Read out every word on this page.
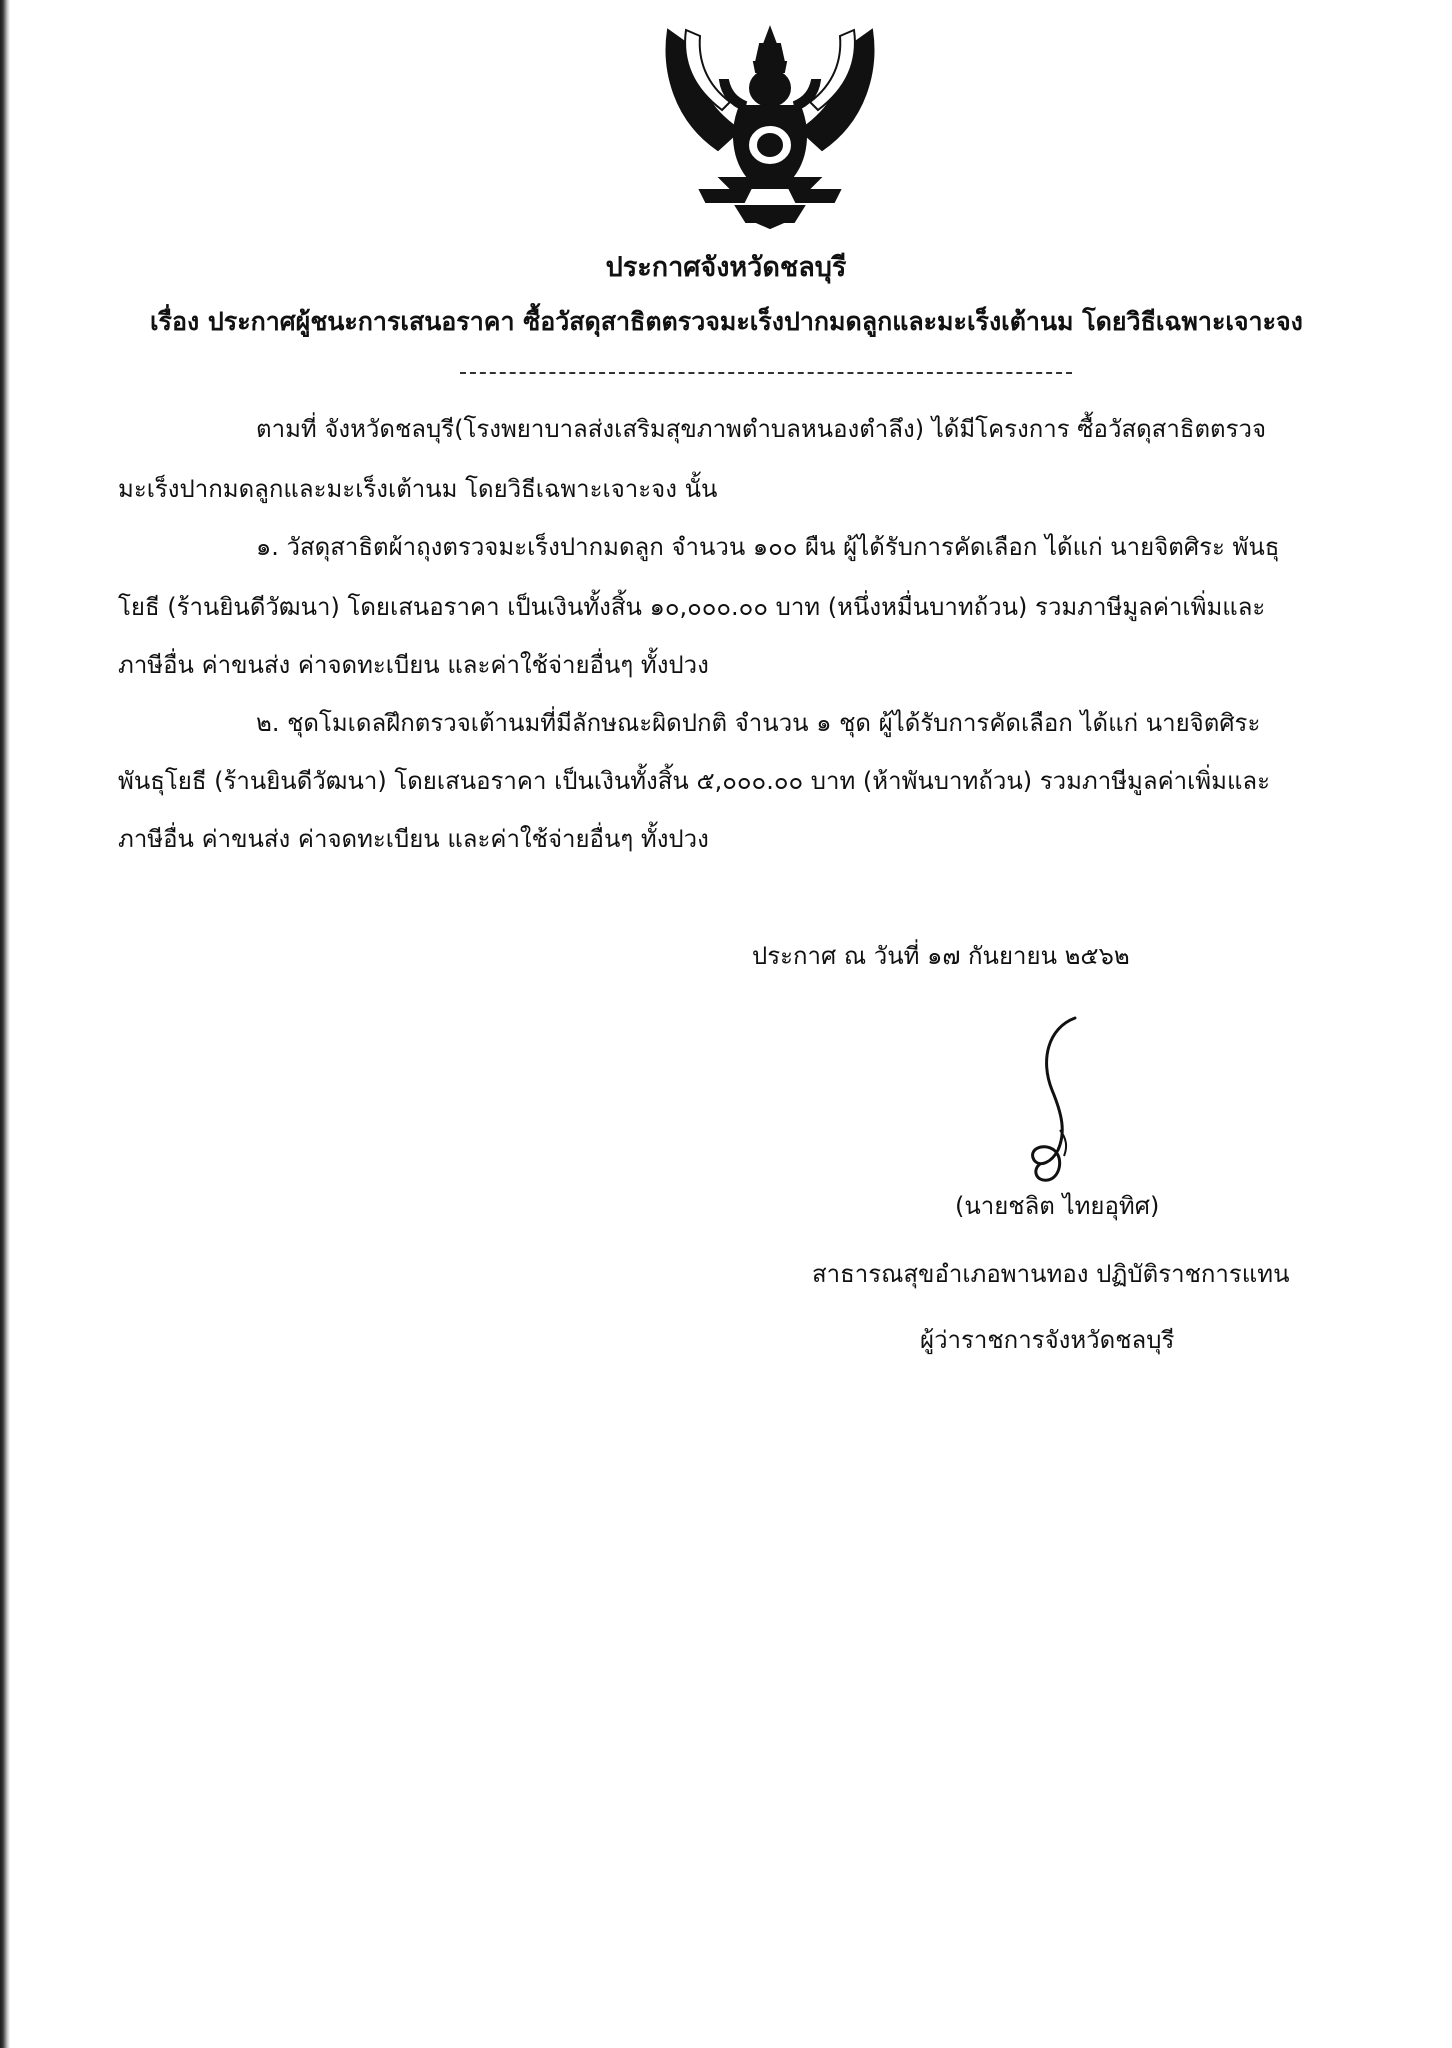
ประกาศจังหวัดชลบุรี
เรื่อง ประกาศผู้ชนะการเสนอราคา ซื้อวัสดุสาธิตตรวจมะเร็งปากมดลูกและมะเร็งเต้านม โดยวิธีเฉพาะเจาะจง
ตามที่ จังหวัดชลบุรี(โรงพยาบาลส่งเสริมสุขภาพตำบลหนองตำลึง) ได้มีโครงการ ซื้อวัสดุสาธิตตรวจ
มะเร็งปากมดลูกและมะเร็งเต้านม โดยวิธีเฉพาะเจาะจง นั้น
๑. วัสดุสาธิตผ้าถุงตรวจมะเร็งปากมดลูก จำนวน ๑๐๐ ผืน ผู้ได้รับการคัดเลือก ได้แก่ นายจิตศิระ พันธุ
โยธี (ร้านยินดีวัฒนา) โดยเสนอราคา เป็นเงินทั้งสิ้น ๑๐,๐๐๐.๐๐ บาท (หนึ่งหมื่นบาทถ้วน) รวมภาษีมูลค่าเพิ่มและ
ภาษีอื่น ค่าขนส่ง ค่าจดทะเบียน และค่าใช้จ่ายอื่นๆ ทั้งปวง
๒. ชุดโมเดลฝึกตรวจเต้านมที่มีลักษณะผิดปกติ จำนวน ๑ ชุด ผู้ได้รับการคัดเลือก ได้แก่ นายจิตศิระ
พันธุโยธี (ร้านยินดีวัฒนา) โดยเสนอราคา เป็นเงินทั้งสิ้น ๕,๐๐๐.๐๐ บาท (ห้าพันบาทถ้วน) รวมภาษีมูลค่าเพิ่มและ
ภาษีอื่น ค่าขนส่ง ค่าจดทะเบียน และค่าใช้จ่ายอื่นๆ ทั้งปวง
ประกาศ ณ วันที่ ๑๗ กันยายน ๒๕๖๒
(นายชลิต ไทยอุทิศ)
สาธารณสุขอำเภอพานทอง ปฏิบัติราชการแทน
ผู้ว่าราชการจังหวัดชลบุรี
